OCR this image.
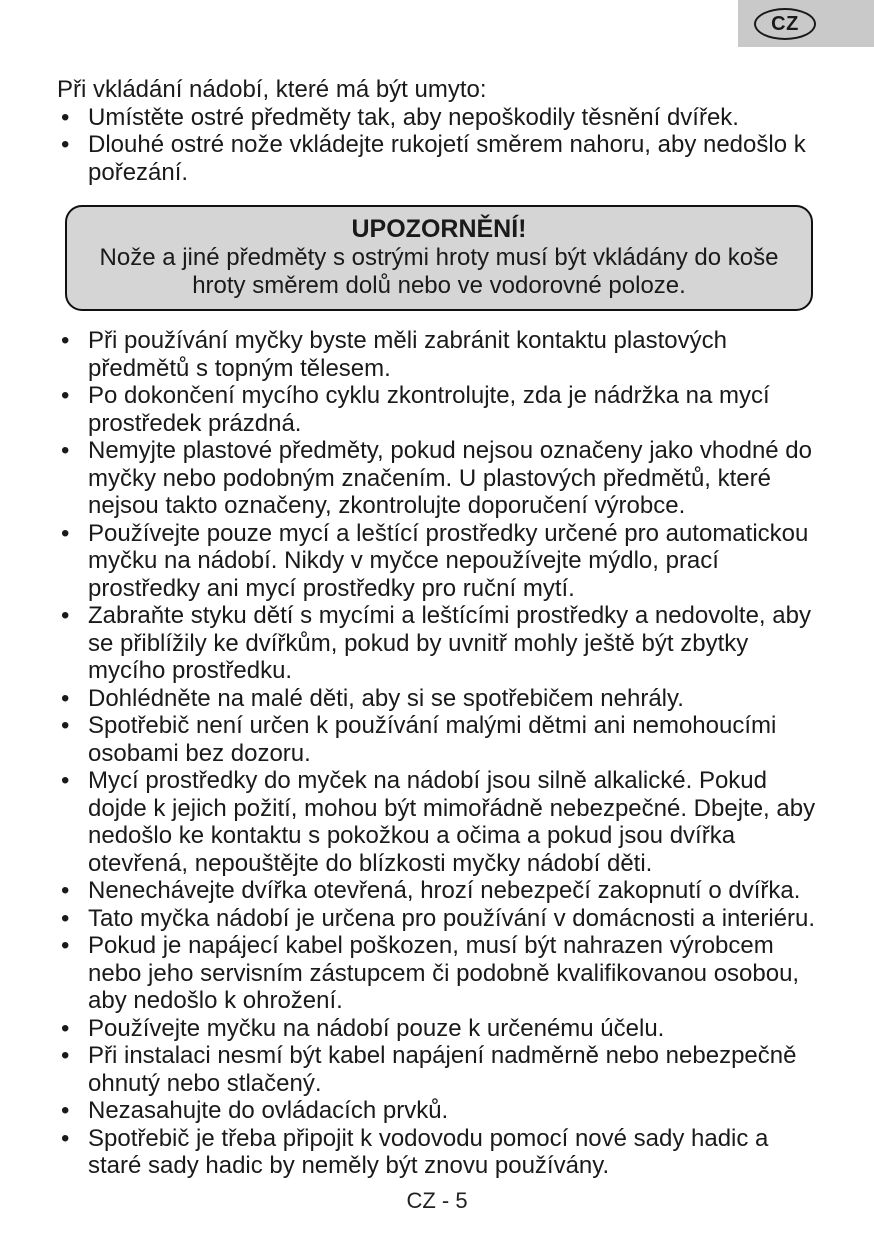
CZ

Při vkládání nádobí, které má být umyto:

• Umístěte ostré předměty tak, aby nepoškodily těsnění dvířek.
• Dlouhé ostré nože vkládejte rukojetí směrem nahoru, aby nedošlo k pořezání.
UPOZORNĚNÍ!
Nože a jiné předměty s ostrými hroty musí být vkládány do koše hroty směrem dolů nebo ve vodorovné poloze.
• Při používání myčky byste měli zabránit kontaktu plastových předmětů s topným tělesem.
• Po dokončení mycího cyklu zkontrolujte, zda je nádržka na mycí prostředek prázdná.
• Nemyjte plastové předměty, pokud nejsou označeny jako vhodné do myčky nebo podobným značením. U plastových předmětů, které nejsou takto označeny, zkontrolujte doporučení výrobce.
• Používejte pouze mycí a leštící prostředky určené pro automatickou myčku na nádobí. Nikdy v myčce nepoužívejte mýdlo, prací prostředky ani mycí prostředky pro ruční mytí.
• Zabraňte styku dětí s mycími a leštícími prostředky a nedovolte, aby se přiblížily ke dvířkům, pokud by uvnitř mohly ještě být zbytky mycího prostředku.
• Dohlédněte na malé děti, aby si se spotřebičem nehrály.
• Spotřebič není určen k používání malými dětmi ani nemohoucími osobami bez dozoru.
• Mycí prostředky do myček na nádobí jsou silně alkalické. Pokud dojde k jejich požití, mohou být mimořádně nebezpečné. Dbejte, aby nedošlo ke kontaktu s pokožkou a očima a pokud jsou dvířka otevřená, nepouštějte do blízkosti myčky nádobí děti.
• Nenechávejte dvířka otevřená, hrozí nebezpečí zakopnutí o dvířka.
• Tato myčka nádobí je určena pro používání v domácnosti a interiéru.
• Pokud je napájecí kabel poškozen, musí být nahrazen výrobcem nebo jeho servisním zástupcem či podobně kvalifikovanou osobou, aby nedošlo k ohrožení.
• Používejte myčku na nádobí pouze k určenému účelu.
• Při instalaci nesmí být kabel napájení nadměrně nebo nebezpečně ohnutý nebo stlačený.
• Nezasahujte do ovládacích prvků.
• Spotřebič je třeba připojit k vodovodu pomocí nové sady hadic a staré sady hadic by neměly být znovu používány.
CZ - 5
